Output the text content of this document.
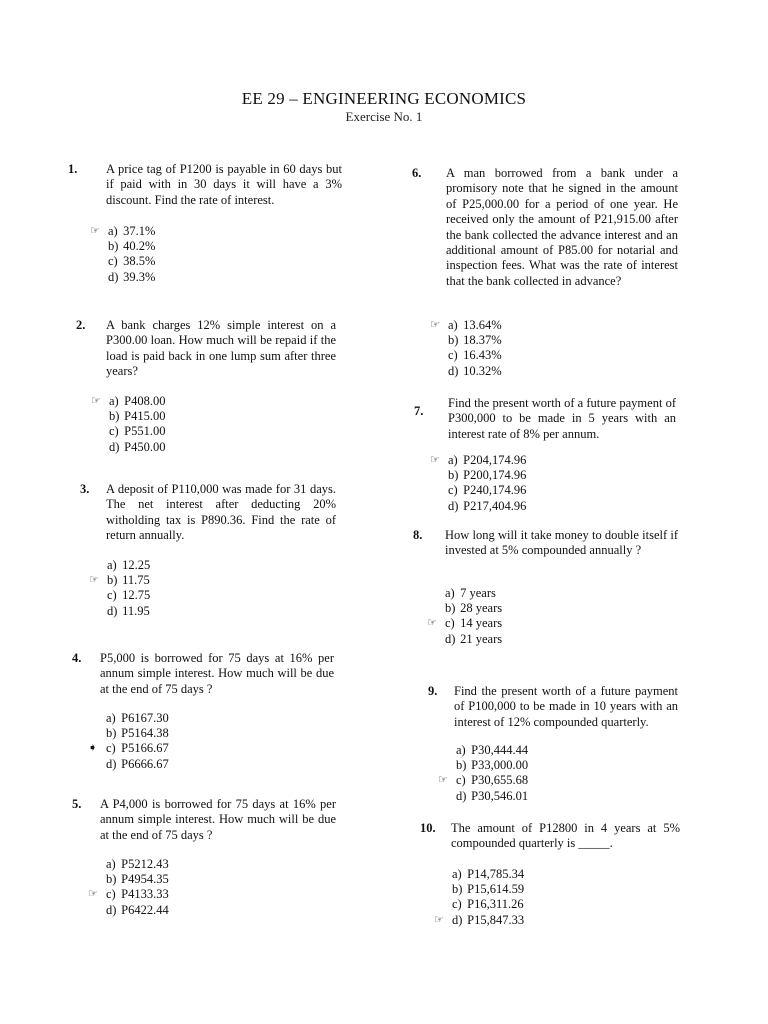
EE 29 – ENGINEERING ECONOMICS
Exercise No. 1
1. A price tag of P1200 is payable in 60 days but if paid with in 30 days it will have a 3% discount. Find the rate of interest.
☞ a) 37.1%
b) 40.2%
c) 38.5%
d) 39.3%
2. A bank charges 12% simple interest on a P300.00 loan. How much will be repaid if the load is paid back in one lump sum after three years?
☞ a) P408.00
b) P415.00
c) P551.00
d) P450.00
3. A deposit of P110,000 was made for 31 days. The net interest after deducting 20% witholding tax is P890.36. Find the rate of return annually.
a) 12.25
☞ b) 11.75
c) 12.75
d) 11.95
4. P5,000 is borrowed for 75 days at 16% per annum simple interest. How much will be due at the end of 75 days ?
a) P6167.30
b) P5164.38
➧ c) P5166.67
d) P6666.67
5. A P4,000 is borrowed for 75 days at 16% per annum simple interest. How much will be due at the end of 75 days ?
a) P5212.43
b) P4954.35
☞ c) P4133.33
d) P6422.44
6. A man borrowed from a bank under a promisory note that he signed in the amount of P25,000.00 for a period of one year. He received only the amount of P21,915.00 after the bank collected the advance interest and an additional amount of P85.00 for notarial and inspection fees. What was the rate of interest that the bank collected in advance?
☞ a) 13.64%
b) 18.37%
c) 16.43%
d) 10.32%
7.
Find the present worth of a future payment of P300,000 to be made in 5 years with an interest rate of 8% per annum.
☞ a) P204,174.96
b) P200,174.96
c) P240,174.96
d) P217,404.96
8. How long will it take money to double itself if invested at 5% compounded annually ?
a) 7 years
b) 28 years
☞ c) 14 years
d) 21 years
9. Find the present worth of a future payment of P100,000 to be made in 10 years with an interest of 12% compounded quarterly.
a) P30,444.44
b) P33,000.00
☞ c) P30,655.68
d) P30,546.01
10. The amount of P12800 in 4 years at 5% compounded quarterly is _____.
a) P14,785.34
b) P15,614.59
c) P16,311.26
☞ d) P15,847.33
